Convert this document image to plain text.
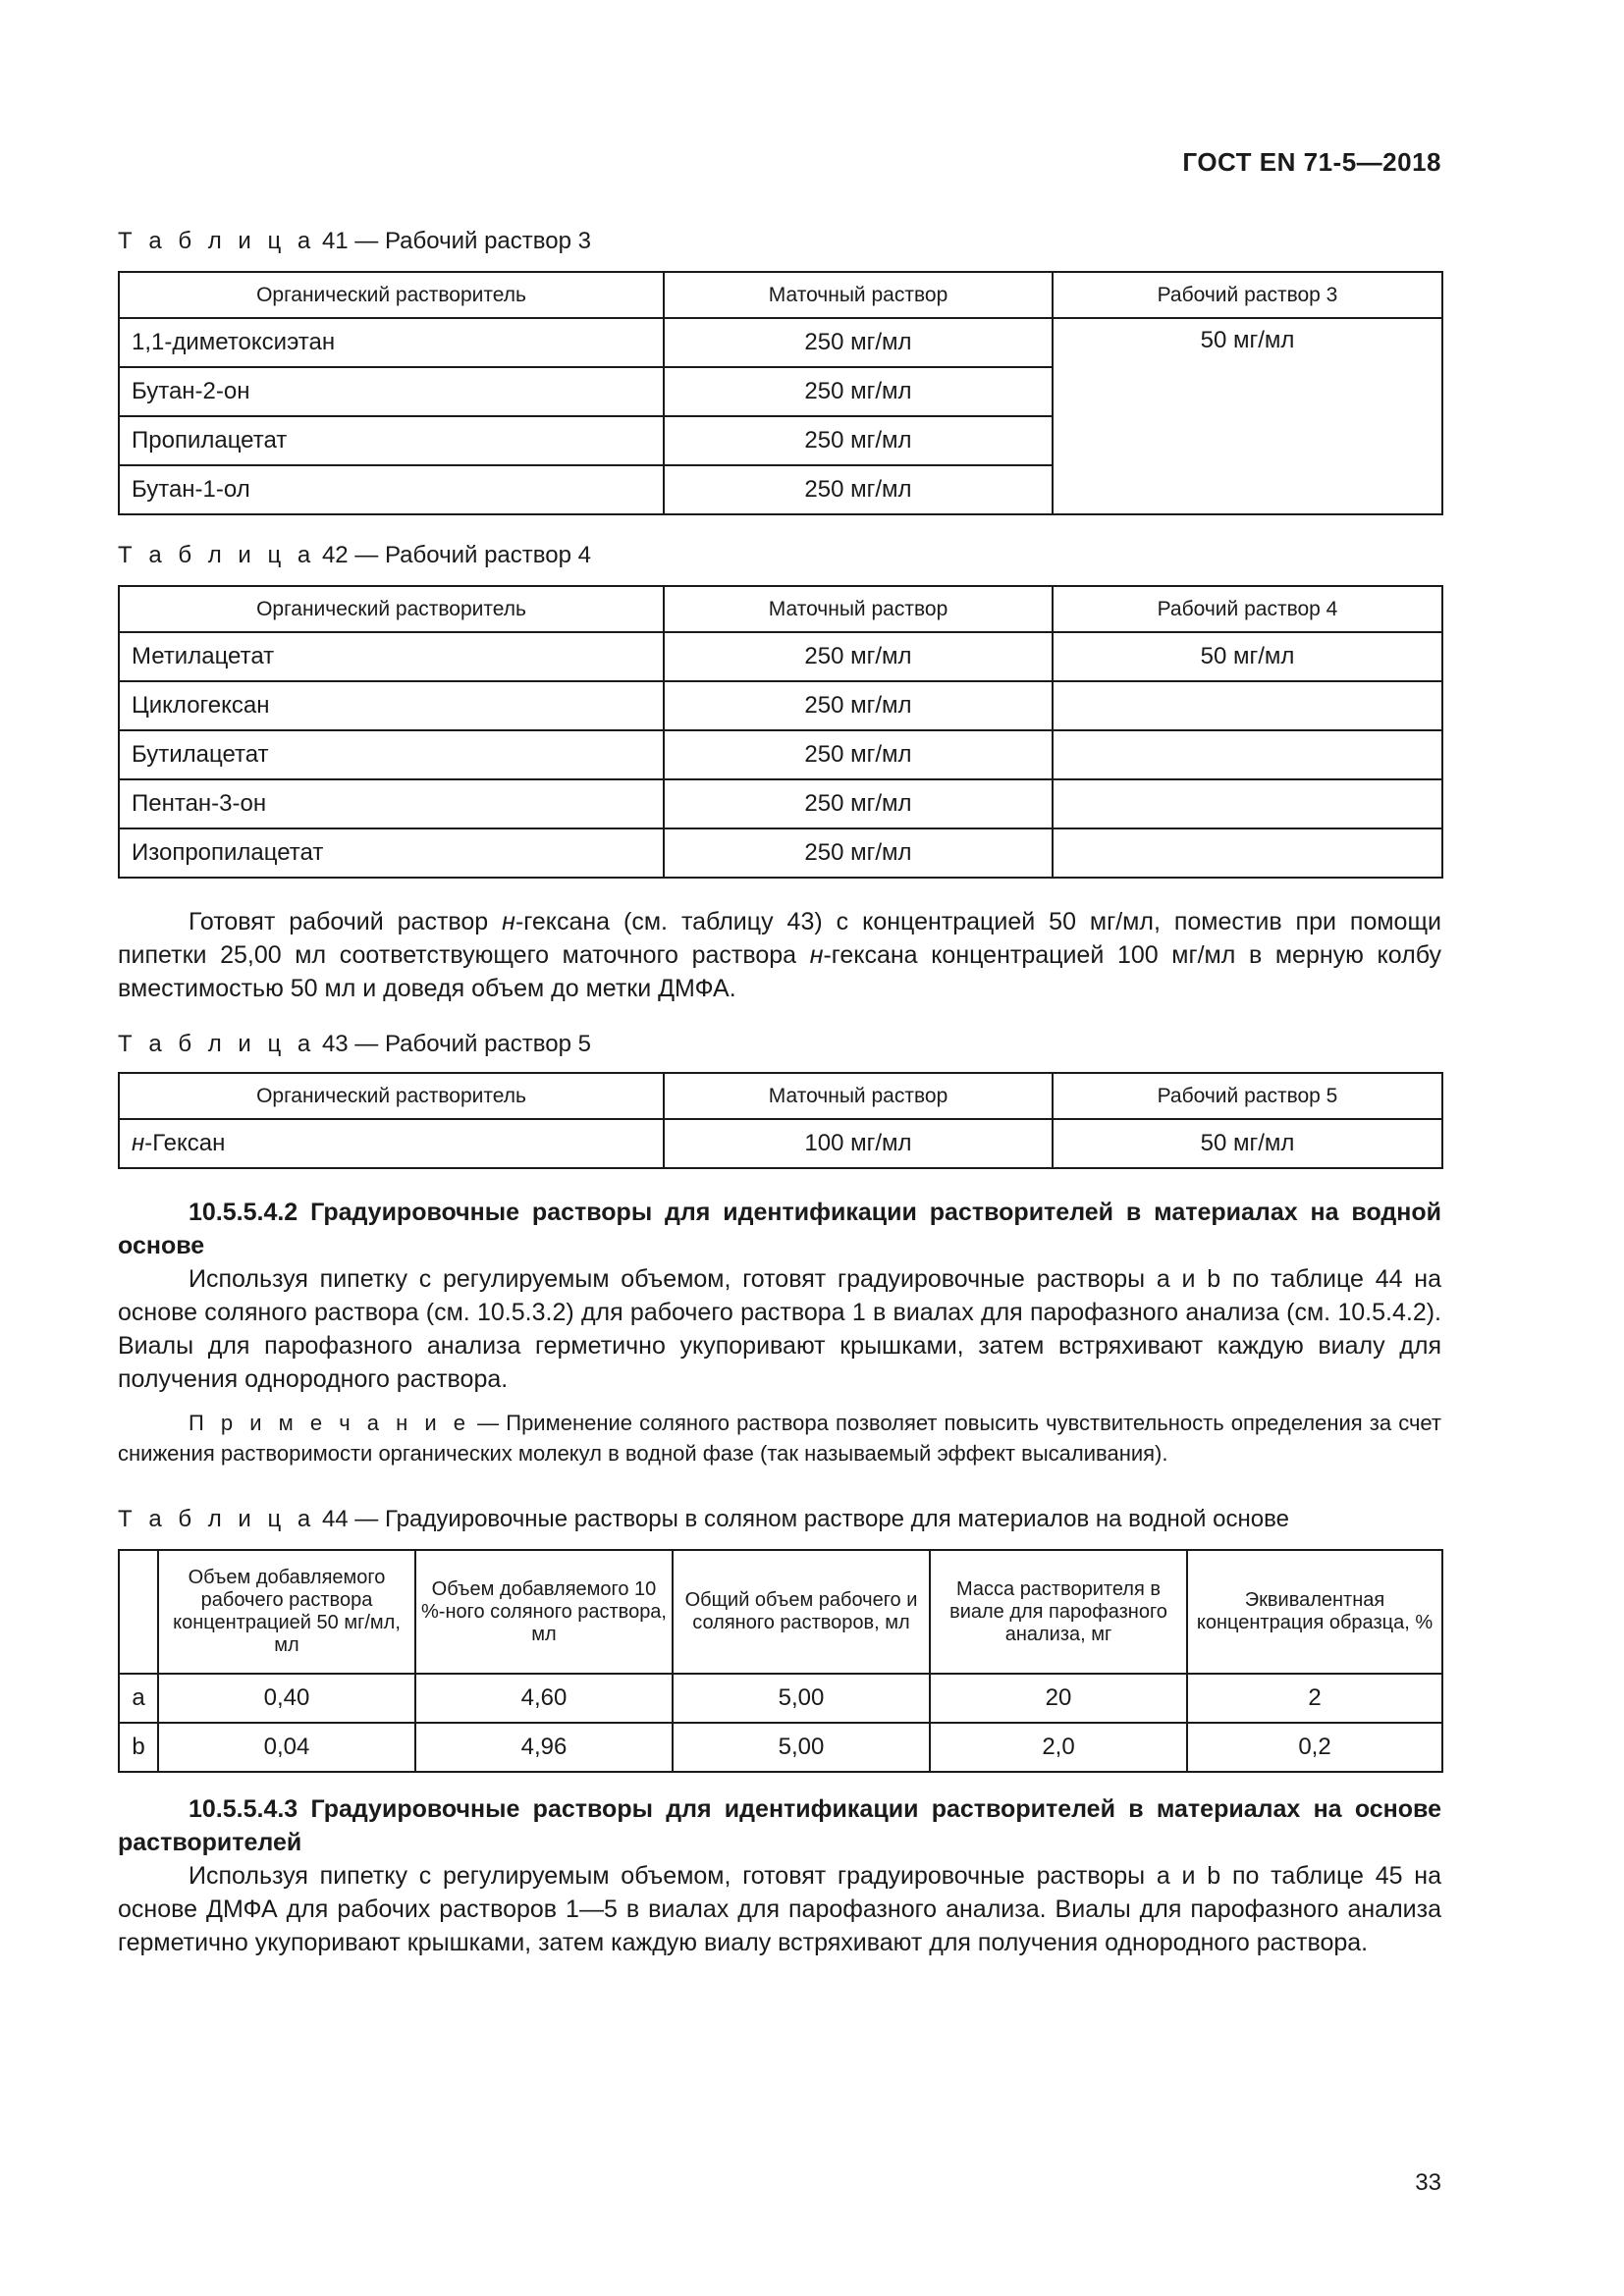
ГОСТ EN 71-5—2018
Т а б л и ц а 41 — Рабочий раствор 3
Органический растворитель	Маточный раствор	Рабочий раствор 3
1,1-диметоксиэтан	250 мг/мл	50 мг/мл
Бутан-2-он	250 мг/мл	
Пропилацетат	250 мг/мл	
Бутан-1-ол	250 мг/мл	
Т а б л и ц а 42 — Рабочий раствор 4
Органический растворитель	Маточный раствор	Рабочий раствор 4
Метилацетат	250 мг/мл	50 мг/мл
Циклогексан	250 мг/мл	
Бутилацетат	250 мг/мл	
Пентан-3-он	250 мг/мл	
Изопропилацетат	250 мг/мл	
Готовят рабочий раствор н-гексана (см. таблицу 43) с концентрацией 50 мг/мл, поместив при помощи пипетки 25,00 мл соответствующего маточного раствора н-гексана концентрацией 100 мг/мл в мерную колбу вместимостью 50 мл и доведя объем до метки ДМФА.
Т а б л и ц а 43 — Рабочий раствор 5
Органический растворитель	Маточный раствор	Рабочий раствор 5
н-Гексан	100 мг/мл	50 мг/мл
10.5.5.4.2 Градуировочные растворы для идентификации растворителей в материалах на водной основе
Используя пипетку с регулируемым объемом, готовят градуировочные растворы a и b по таблице 44 на основе соляного раствора (см. 10.5.3.2) для рабочего раствора 1 в виалах для парофазного анализа (см. 10.5.4.2). Виалы для парофазного анализа герметично укупоривают крышками, затем встряхивают каждую виалу для получения однородного раствора.
П р и м е ч а н и е — Применение соляного раствора позволяет повысить чувствительность определения за счет снижения растворимости органических молекул в водной фазе (так называемый эффект высаливания).
Т а б л и ц а 44 — Градуировочные растворы в соляном растворе для материалов на водной основе
	Объем добавляемого рабочего раствора концентрацией 50 мг/мл, мл	Объем добавляемого 10 %-ного соляного раствора, мл	Общий объем рабочего и соляного растворов, мл	Масса растворителя в виале для парофазного анализа, мг	Эквивалентная концентрация образца, %
a	0,40	4,60	5,00	20	2
b	0,04	4,96	5,00	2,0	0,2
10.5.5.4.3 Градуировочные растворы для идентификации растворителей в материалах на основе растворителей
Используя пипетку с регулируемым объемом, готовят градуировочные растворы a и b по таблице 45 на основе ДМФА для рабочих растворов 1—5 в виалах для парофазного анализа. Виалы для парофазного анализа герметично укупоривают крышками, затем каждую виалу встряхивают для получения однородного раствора.
33
